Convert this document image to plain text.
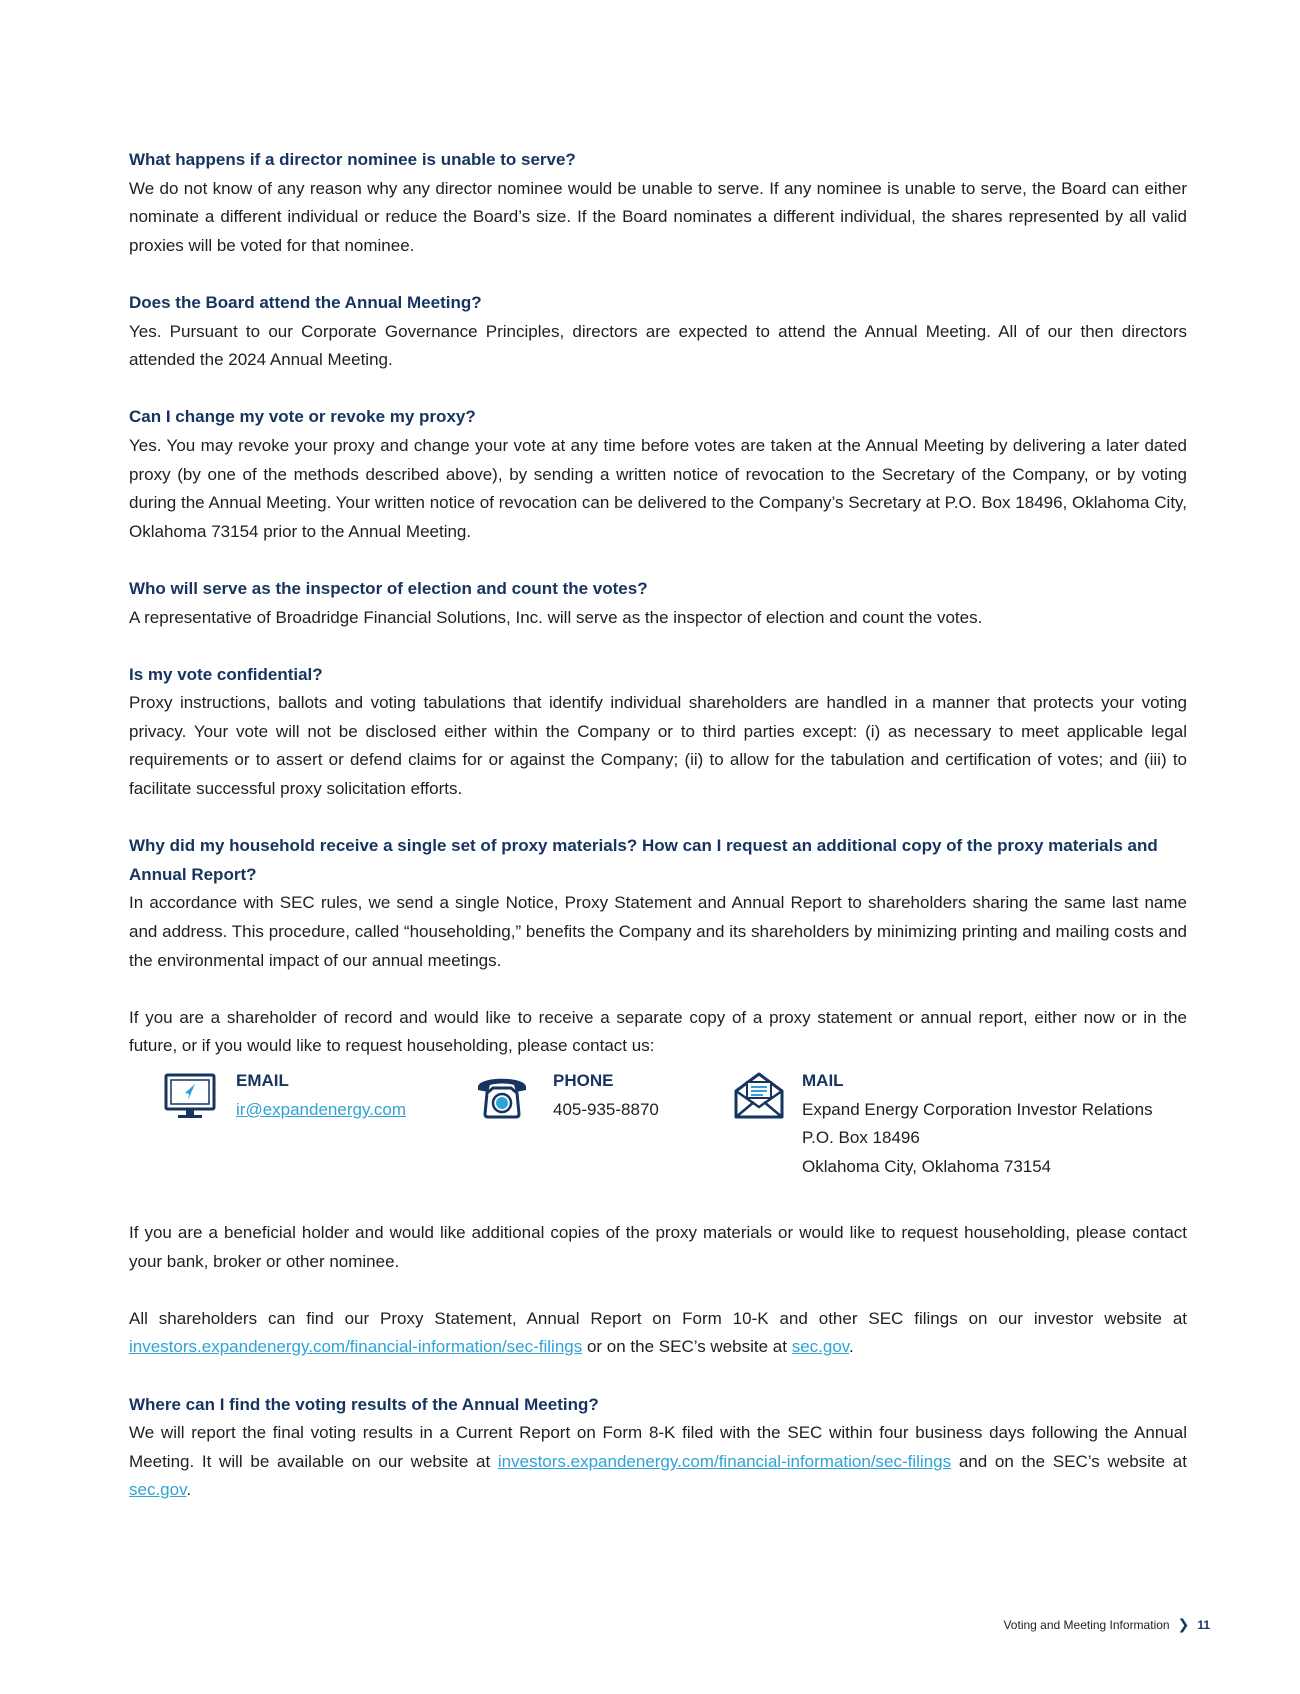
What happens if a director nominee is unable to serve?

We do not know of any reason why any director nominee would be unable to serve. If any nominee is unable to serve, the Board can either nominate a different individual or reduce the Board’s size. If the Board nominates a different individual, the shares represented by all valid proxies will be voted for that nominee.

Does the Board attend the Annual Meeting?

Yes. Pursuant to our Corporate Governance Principles, directors are expected to attend the Annual Meeting. All of our then directors attended the 2024 Annual Meeting.

Can I change my vote or revoke my proxy?

Yes. You may revoke your proxy and change your vote at any time before votes are taken at the Annual Meeting by delivering a later dated proxy (by one of the methods described above), by sending a written notice of revocation to the Secretary of the Company, or by voting during the Annual Meeting. Your written notice of revocation can be delivered to the Company’s Secretary at P.O. Box 18496, Oklahoma City, Oklahoma 73154 prior to the Annual Meeting.

Who will serve as the inspector of election and count the votes?

A representative of Broadridge Financial Solutions, Inc. will serve as the inspector of election and count the votes.

Is my vote confidential?

Proxy instructions, ballots and voting tabulations that identify individual shareholders are handled in a manner that protects your voting privacy. Your vote will not be disclosed either within the Company or to third parties except: (i) as necessary to meet applicable legal requirements or to assert or defend claims for or against the Company; (ii) to allow for the tabulation and certification of votes; and (iii) to facilitate successful proxy solicitation efforts.

Why did my household receive a single set of proxy materials? How can I request an additional copy of the proxy materials and Annual Report?

In accordance with SEC rules, we send a single Notice, Proxy Statement and Annual Report to shareholders sharing the same last name and address. This procedure, called “householding,” benefits the Company and its shareholders by minimizing printing and mailing costs and the environmental impact of our annual meetings.

If you are a shareholder of record and would like to receive a separate copy of a proxy statement or annual report, either now or in the future, or if you would like to request householding, please contact us:

EMAIL
ir@expandenergy.com
PHONE
405-935-8870
MAIL
Expand Energy Corporation Investor Relations
P.O. Box 18496
Oklahoma City, Oklahoma 73154

If you are a beneficial holder and would like additional copies of the proxy materials or would like to request householding, please contact your bank, broker or other nominee.

All shareholders can find our Proxy Statement, Annual Report on Form 10-K and other SEC filings on our investor website at investors.expandenergy.com/financial-information/sec-filings or on the SEC’s website at sec.gov.

Where can I find the voting results of the Annual Meeting?

We will report the final voting results in a Current Report on Form 8-K filed with the SEC within four business days following the Annual Meeting. It will be available on our website at investors.expandenergy.com/financial-information/sec-filings and on the SEC’s website at sec.gov.

Voting and Meeting Information ❯ 11
